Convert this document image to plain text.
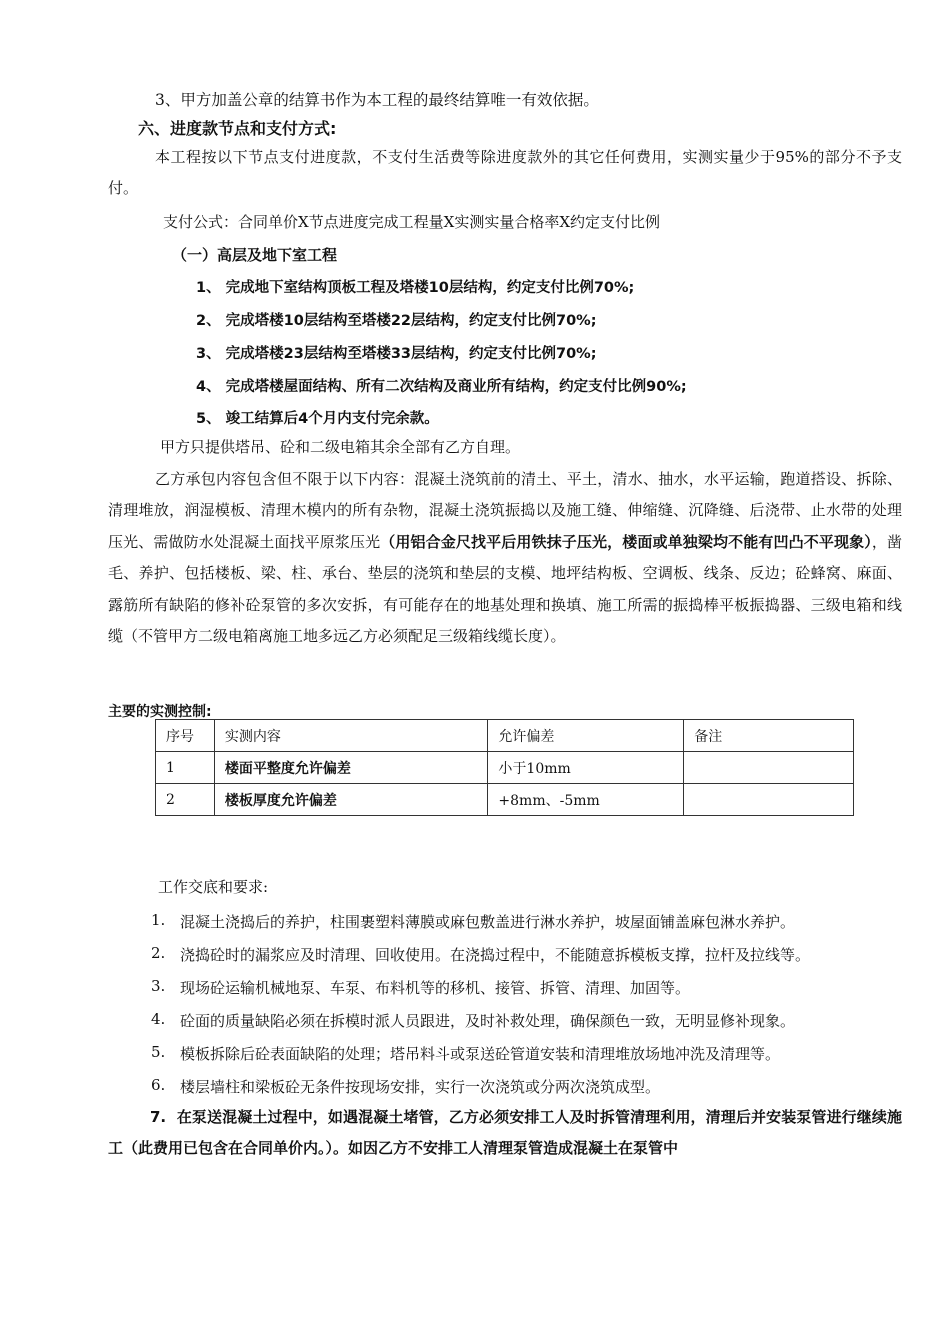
3、甲方加盖公章的结算书作为本工程的最终结算唯一有效依据。
六、进度款节点和支付方式:

本工程按以下节点支付进度款，不支付生活费等除进度款外的其它任何费用，实测实量少于95%的部分不予支付。

支付公式：合同单价X节点进度完成工程量X实测实量合格率X约定支付比例
（一）高层及地下室工程
1、 完成地下室结构顶板工程及塔楼10层结构，约定支付比例70%;
2、 完成塔楼10层结构至塔楼22层结构，约定支付比例70%;
3、 完成塔楼23层结构至塔楼33层结构，约定支付比例70%;
4、 完成塔楼屋面结构、所有二次结构及商业所有结构，约定支付比例90%;
5、 竣工结算后4个月内支付完余款。
甲方只提供塔吊、砼和二级电箱其余全部有乙方自理。

乙方承包内容包含但不限于以下内容：混凝土浇筑前的清土、平土，清水、抽水，水平运输，跑道搭设、拆除、清理堆放，润湿模板、清理木模内的所有杂物，混凝土浇筑振捣以及施工缝、伸缩缝、沉降缝、后浇带、止水带的处理压光、需做防水处混凝土面找平原浆压光（用铝合金尺找平后用铁抹子压光，楼面或单独梁均不能有凹凸不平现象），凿毛、养护、包括楼板、梁、柱、承台、垫层的浇筑和垫层的支模、地坪结构板、空调板、线条、反边；砼蜂窝、麻面、露筋所有缺陷的修补砼泵管的多次安拆，有可能存在的地基处理和换填、施工所需的振捣棒平板振捣器、三级电箱和线缆（不管甲方二级电箱离施工地多远乙方必须配足三级箱线缆长度）。

主要的实测控制:
序号	实测内容	允许偏差	备注
1	楼面平整度允许偏差	小于10mm	
2	楼板厚度允许偏差	+8mm、-5mm	
工作交底和要求:
1. 混凝土浇捣后的养护，柱围裹塑料薄膜或麻包敷盖进行淋水养护，坡屋面铺盖麻包淋水养护。
2. 浇捣砼时的漏浆应及时清理、回收使用。在浇捣过程中，不能随意拆模板支撑，拉杆及拉线等。
3. 现场砼运输机械地泵、车泵、布料机等的移机、接管、拆管、清理、加固等。
4. 砼面的质量缺陷必须在拆模时派人员跟进，及时补救处理，确保颜色一致，无明显修补现象。
5. 模板拆除后砼表面缺陷的处理；塔吊料斗或泵送砼管道安装和清理堆放场地冲洗及清理等。
6. 楼层墙柱和梁板砼无条件按现场安排，实行一次浇筑或分两次浇筑成型。

7. 在泵送混凝土过程中，如遇混凝土堵管，乙方必须安排工人及时拆管清理利用，清理后并安装泵管进行继续施工（此费用已包含在合同单价内。）。如因乙方不安排工人清理泵管造成混凝土在泵管中
